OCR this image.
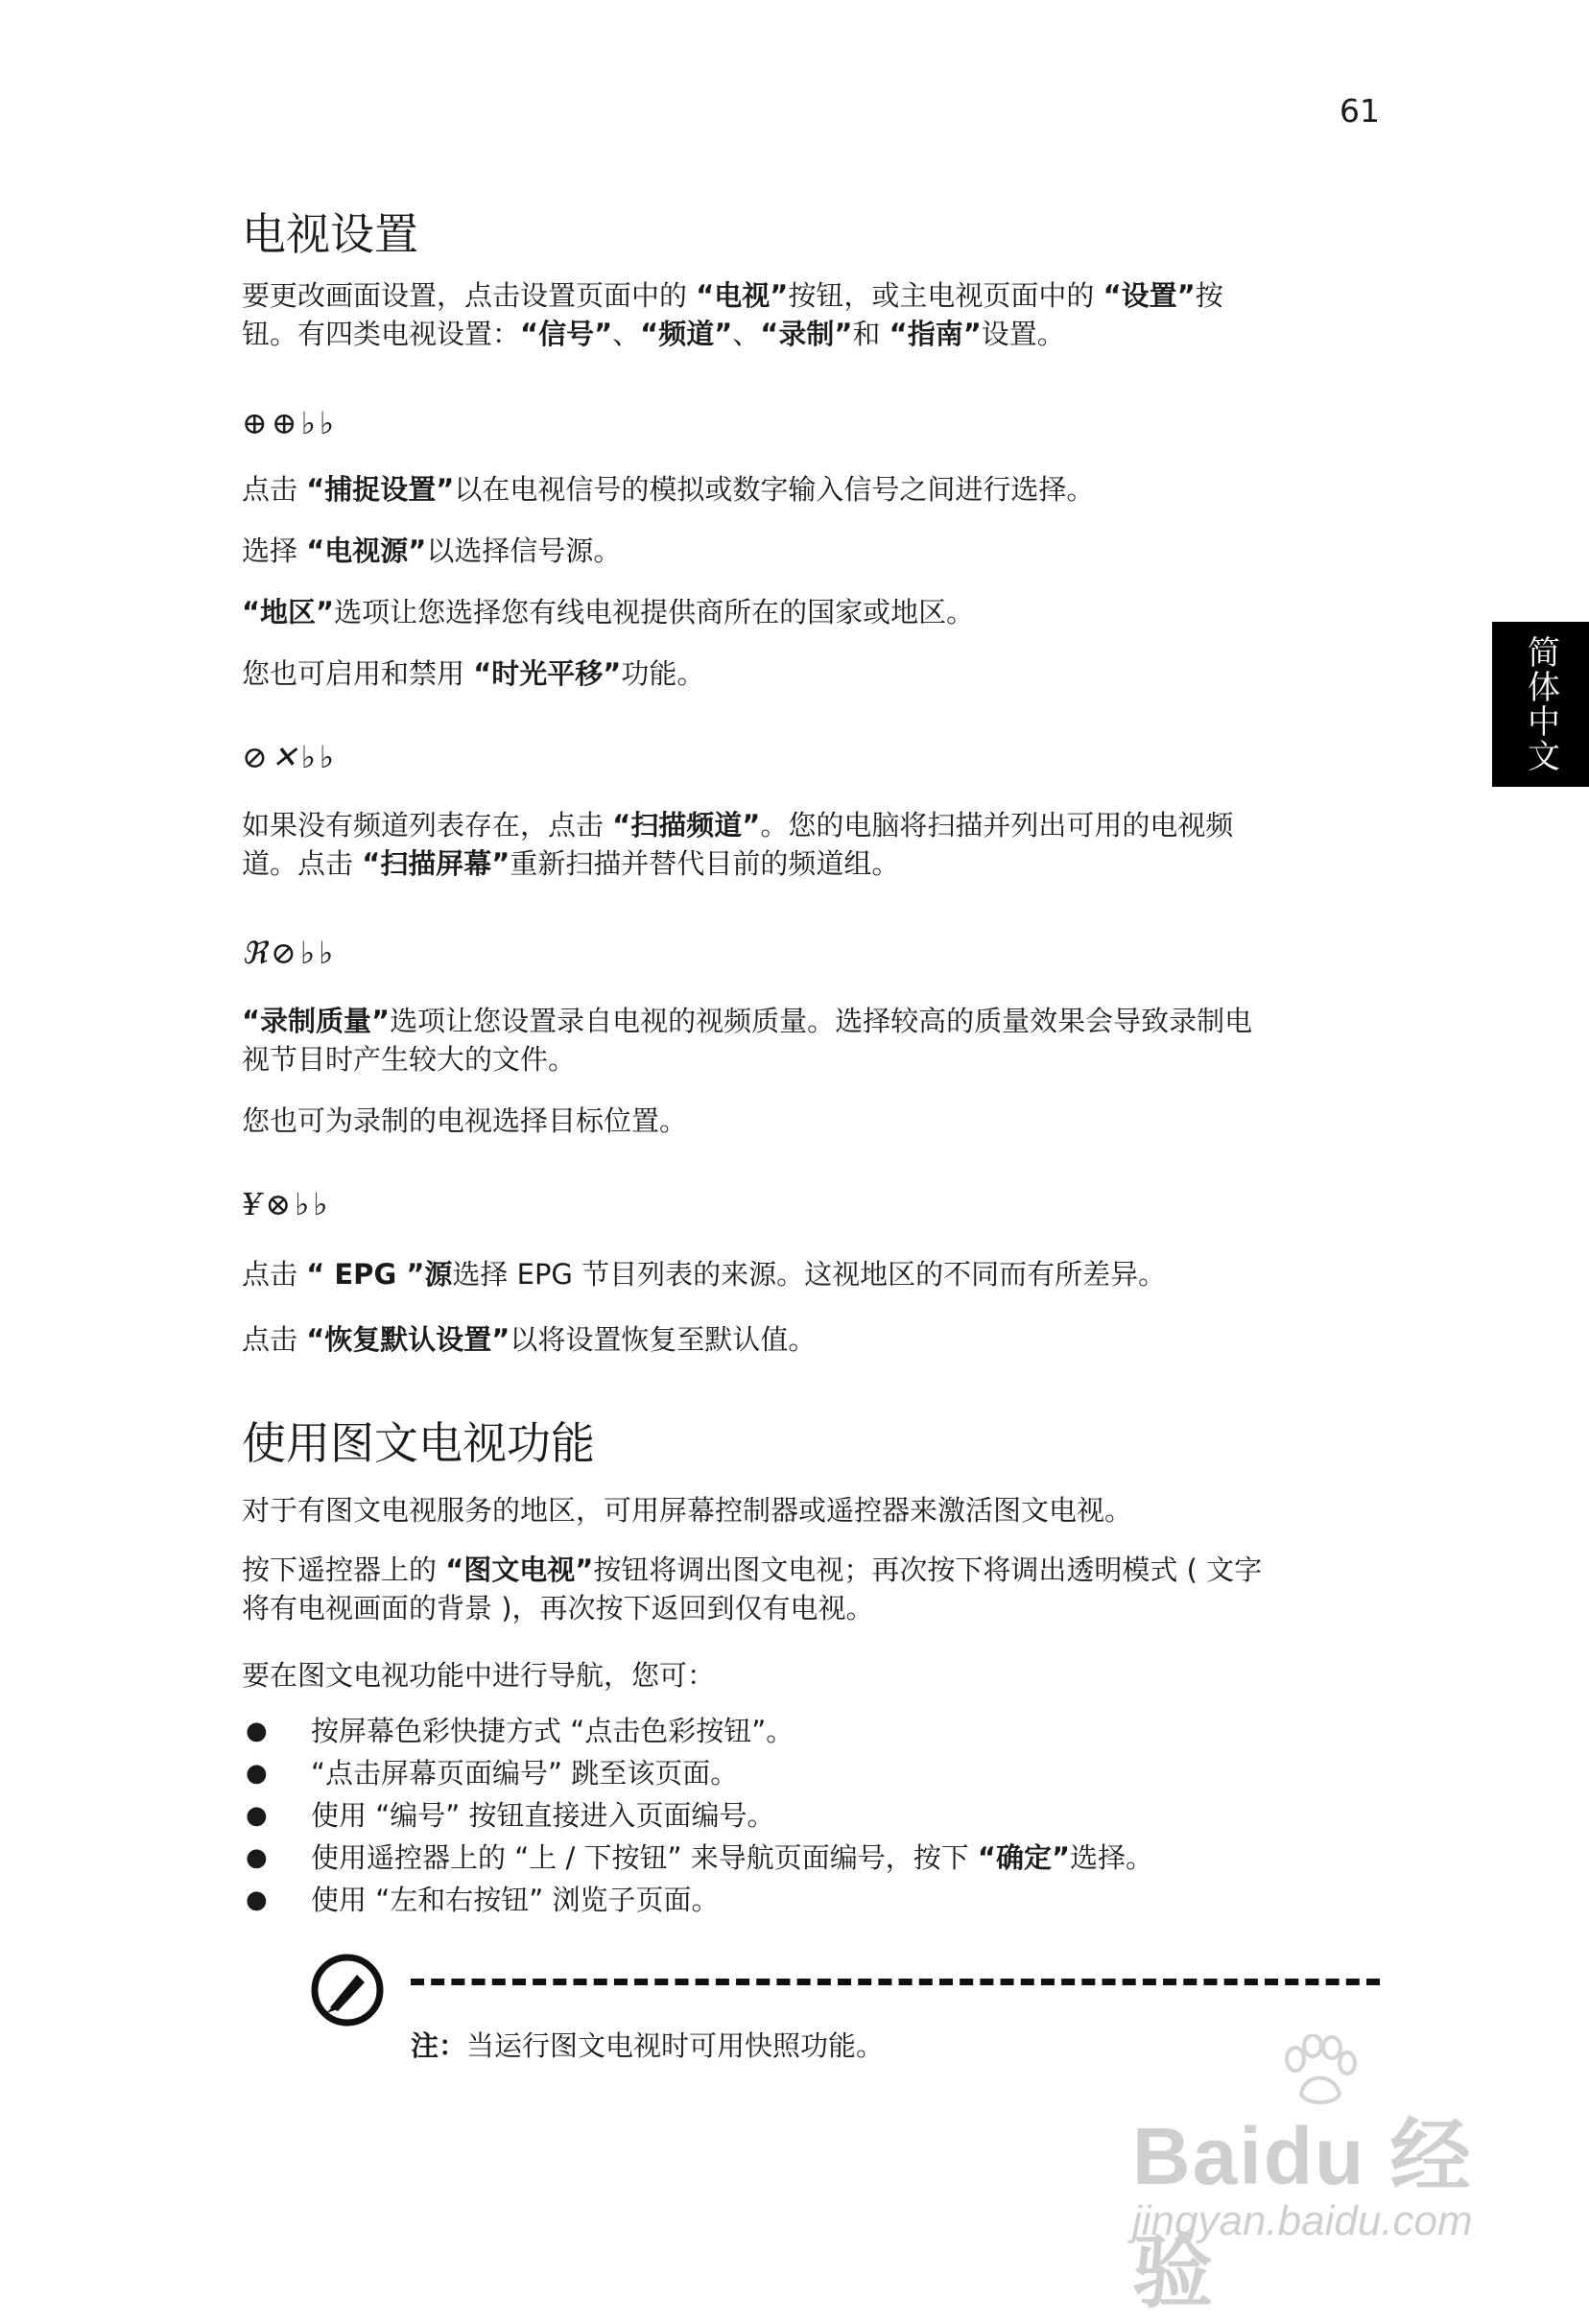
61
简体中文
电视设置

要更改画面设置，点击设置页面中的 “电视”按钮，或主电视页面中的 “设置”按
钮。有四类电视设置：“信号”、“频道”、“录制”和 “指南”设置。

⊕⊕♭♭

点击 “捕捉设置”以在电视信号的模拟或数字输入信号之间进行选择。

选择 “电视源”以选择信号源。

“地区”选项让您选择您有线电视提供商所在的国家或地区。

您也可启用和禁用 “时光平移”功能。

⊘✕♭♭

如果没有频道列表存在，点击 “扫描频道”。您的电脑将扫描并列出可用的电视频
道。点击 “扫描屏幕”重新扫描并替代目前的频道组。

ℜ⊘♭♭

“录制质量”选项让您设置录自电视的视频质量。选择较高的质量效果会导致录制电
视节目时产生较大的文件。

您也可为录制的电视选择目标位置。

¥⊗♭♭

点击 “ EPG ”源选择 EPG 节目列表的来源。这视地区的不同而有所差异。

点击 “恢复默认设置”以将设置恢复至默认值。

使用图文电视功能

对于有图文电视服务的地区，可用屏幕控制器或遥控器来激活图文电视。

按下遥控器上的 “图文电视”按钮将调出图文电视；再次按下将调出透明模式 ( 文字
将有电视画面的背景 )，再次按下返回到仅有电视。

要在图文电视功能中进行导航，您可：

● 按屏幕色彩快捷方式 “点击色彩按钮”。
● “点击屏幕页面编号” 跳至该页面。
● 使用 “编号” 按钮直接进入页面编号。
● 使用遥控器上的 “上 / 下按钮” 来导航页面编号，按下 “确定”选择。
● 使用 “左和右按钮” 浏览子页面。
注：当运行图文电视时可用快照功能。
Baidu 经验
jingyan.baidu.com
